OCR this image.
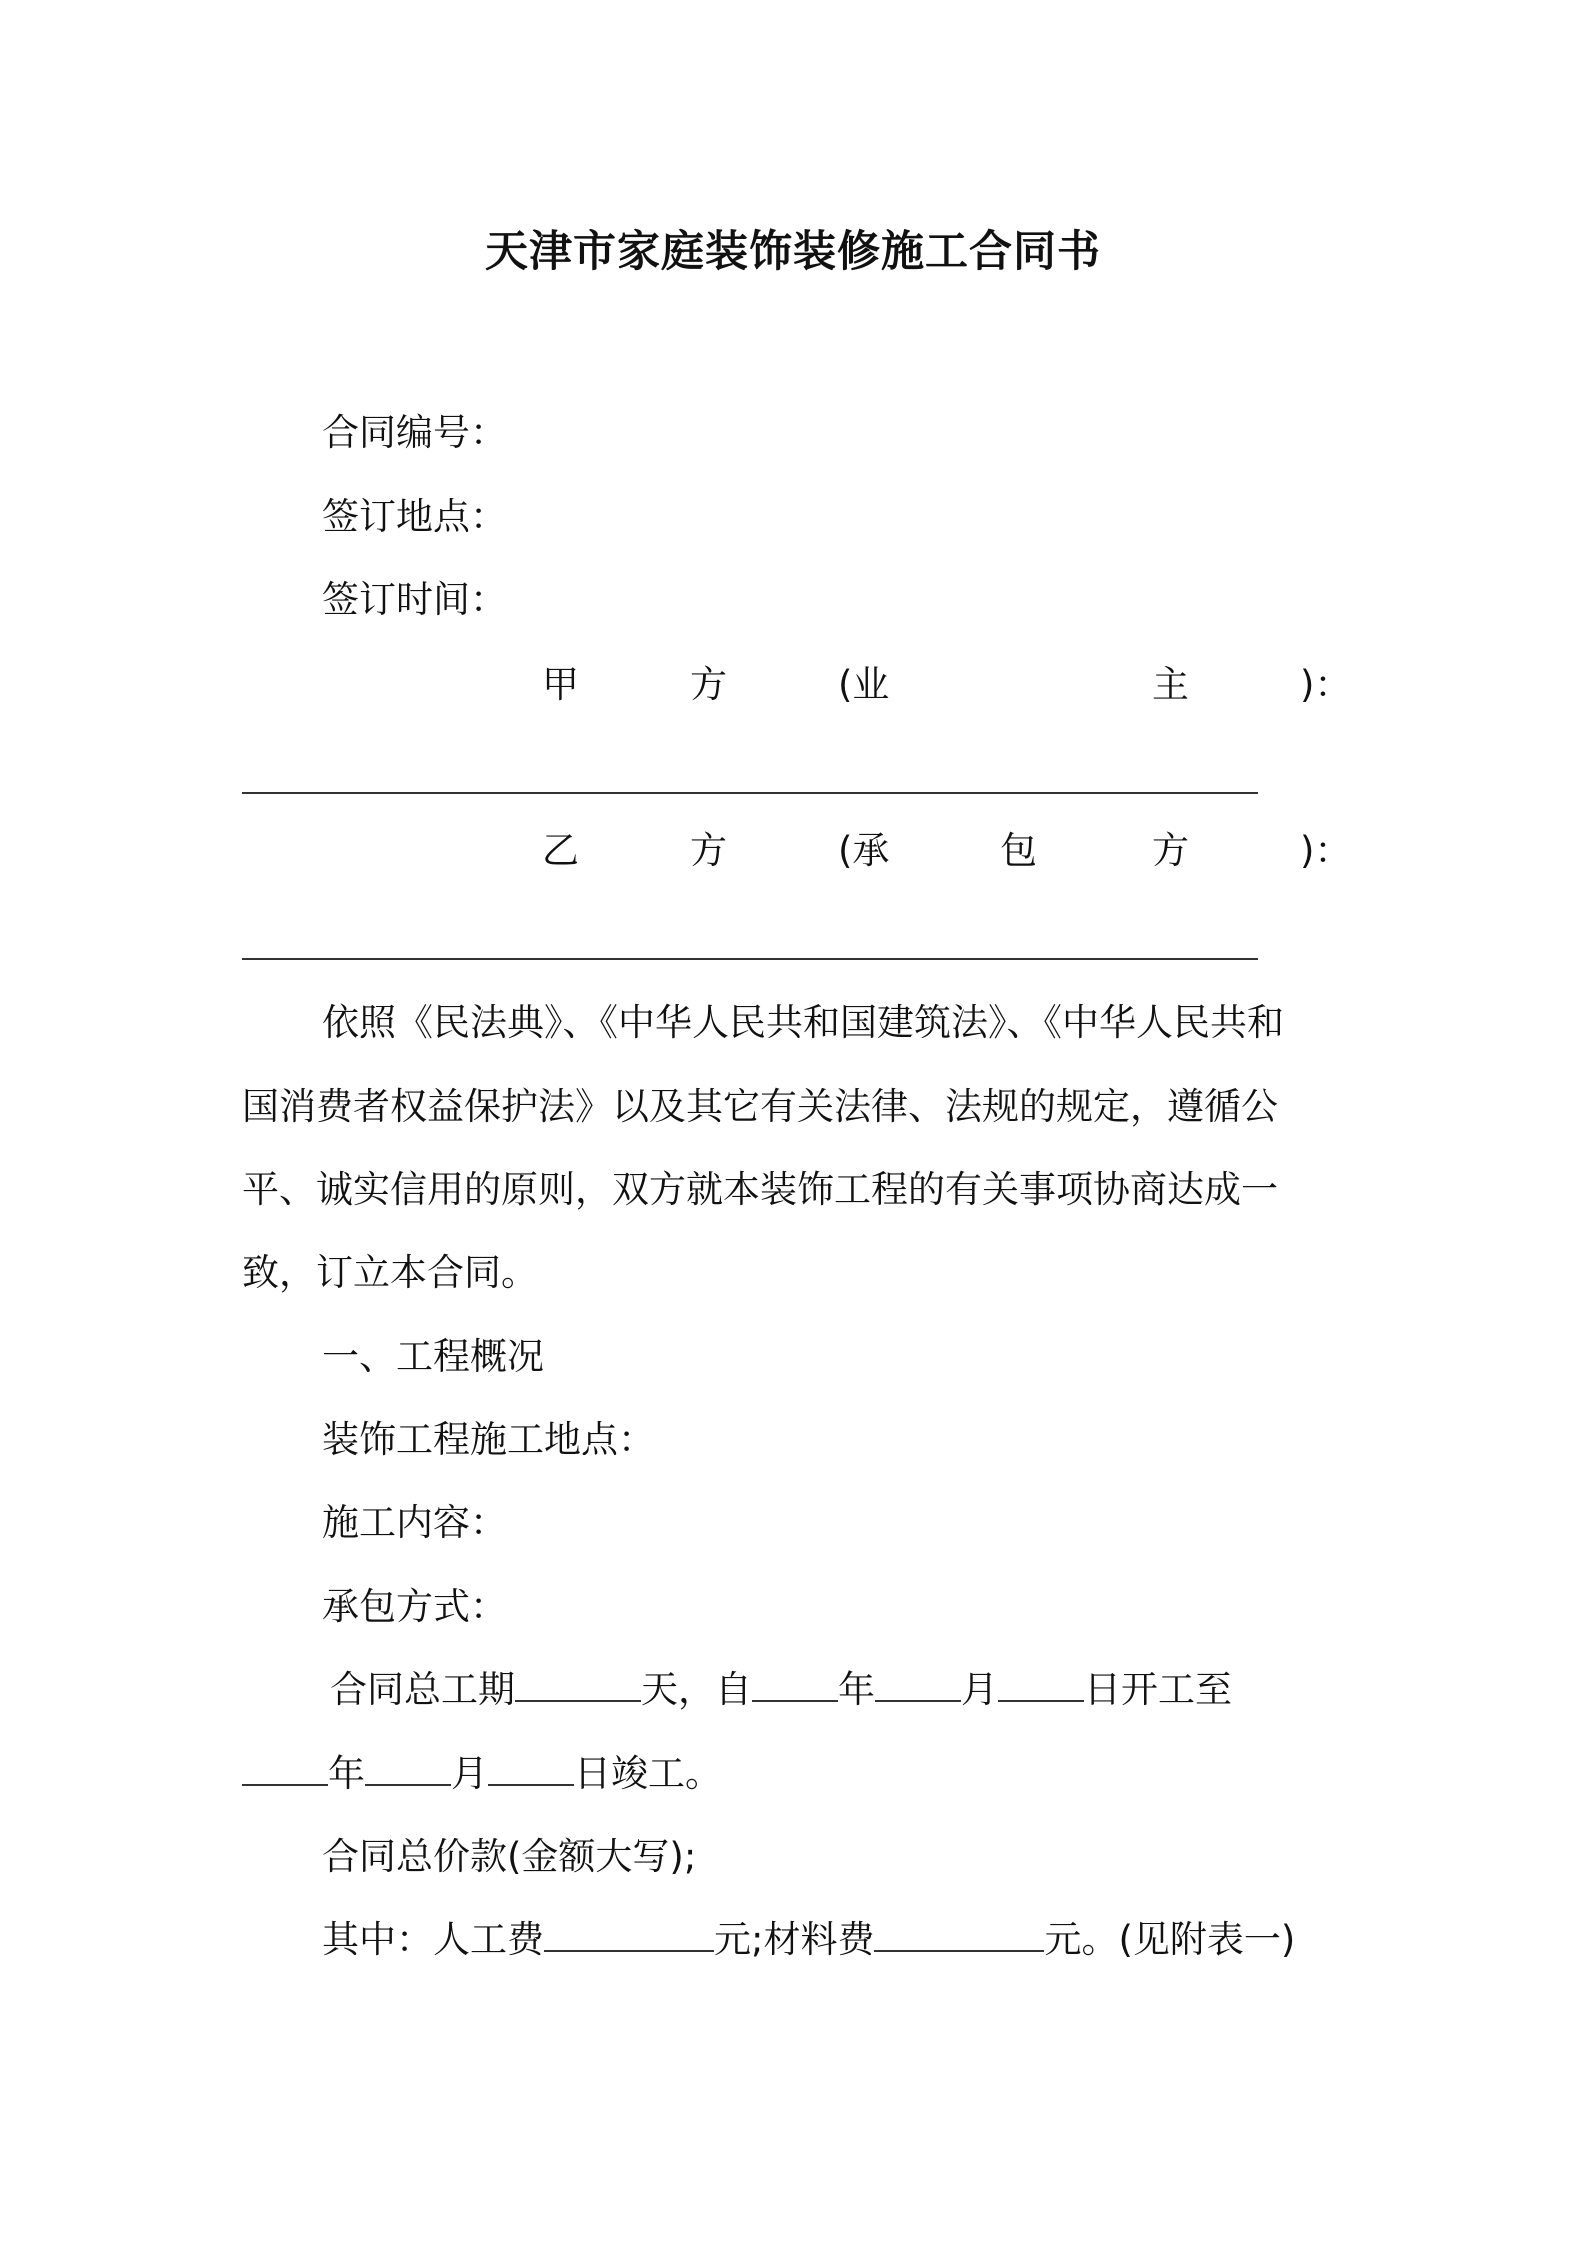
天津市家庭装饰装修施工合同书
合同编号：
签订地点：
签订时间：
甲	方	(业	主	)：
乙	方	(承	包	方	)：
依照《民法典》、《中华人民共和国建筑法》、《中华人民共和
国消费者权益保护法》以及其它有关法律、法规的规定，遵循公
平、诚实信用的原则，双方就本装饰工程的有关事项协商达成一
致，订立本合同。
一、工程概况
装饰工程施工地点：
施工内容：
承包方式：
合同总工期	天，自 年 月 日开工至
年 月 日竣工。
合同总价款(金额大写);
其中：人工费	元;材料费	元。(见附表一)
